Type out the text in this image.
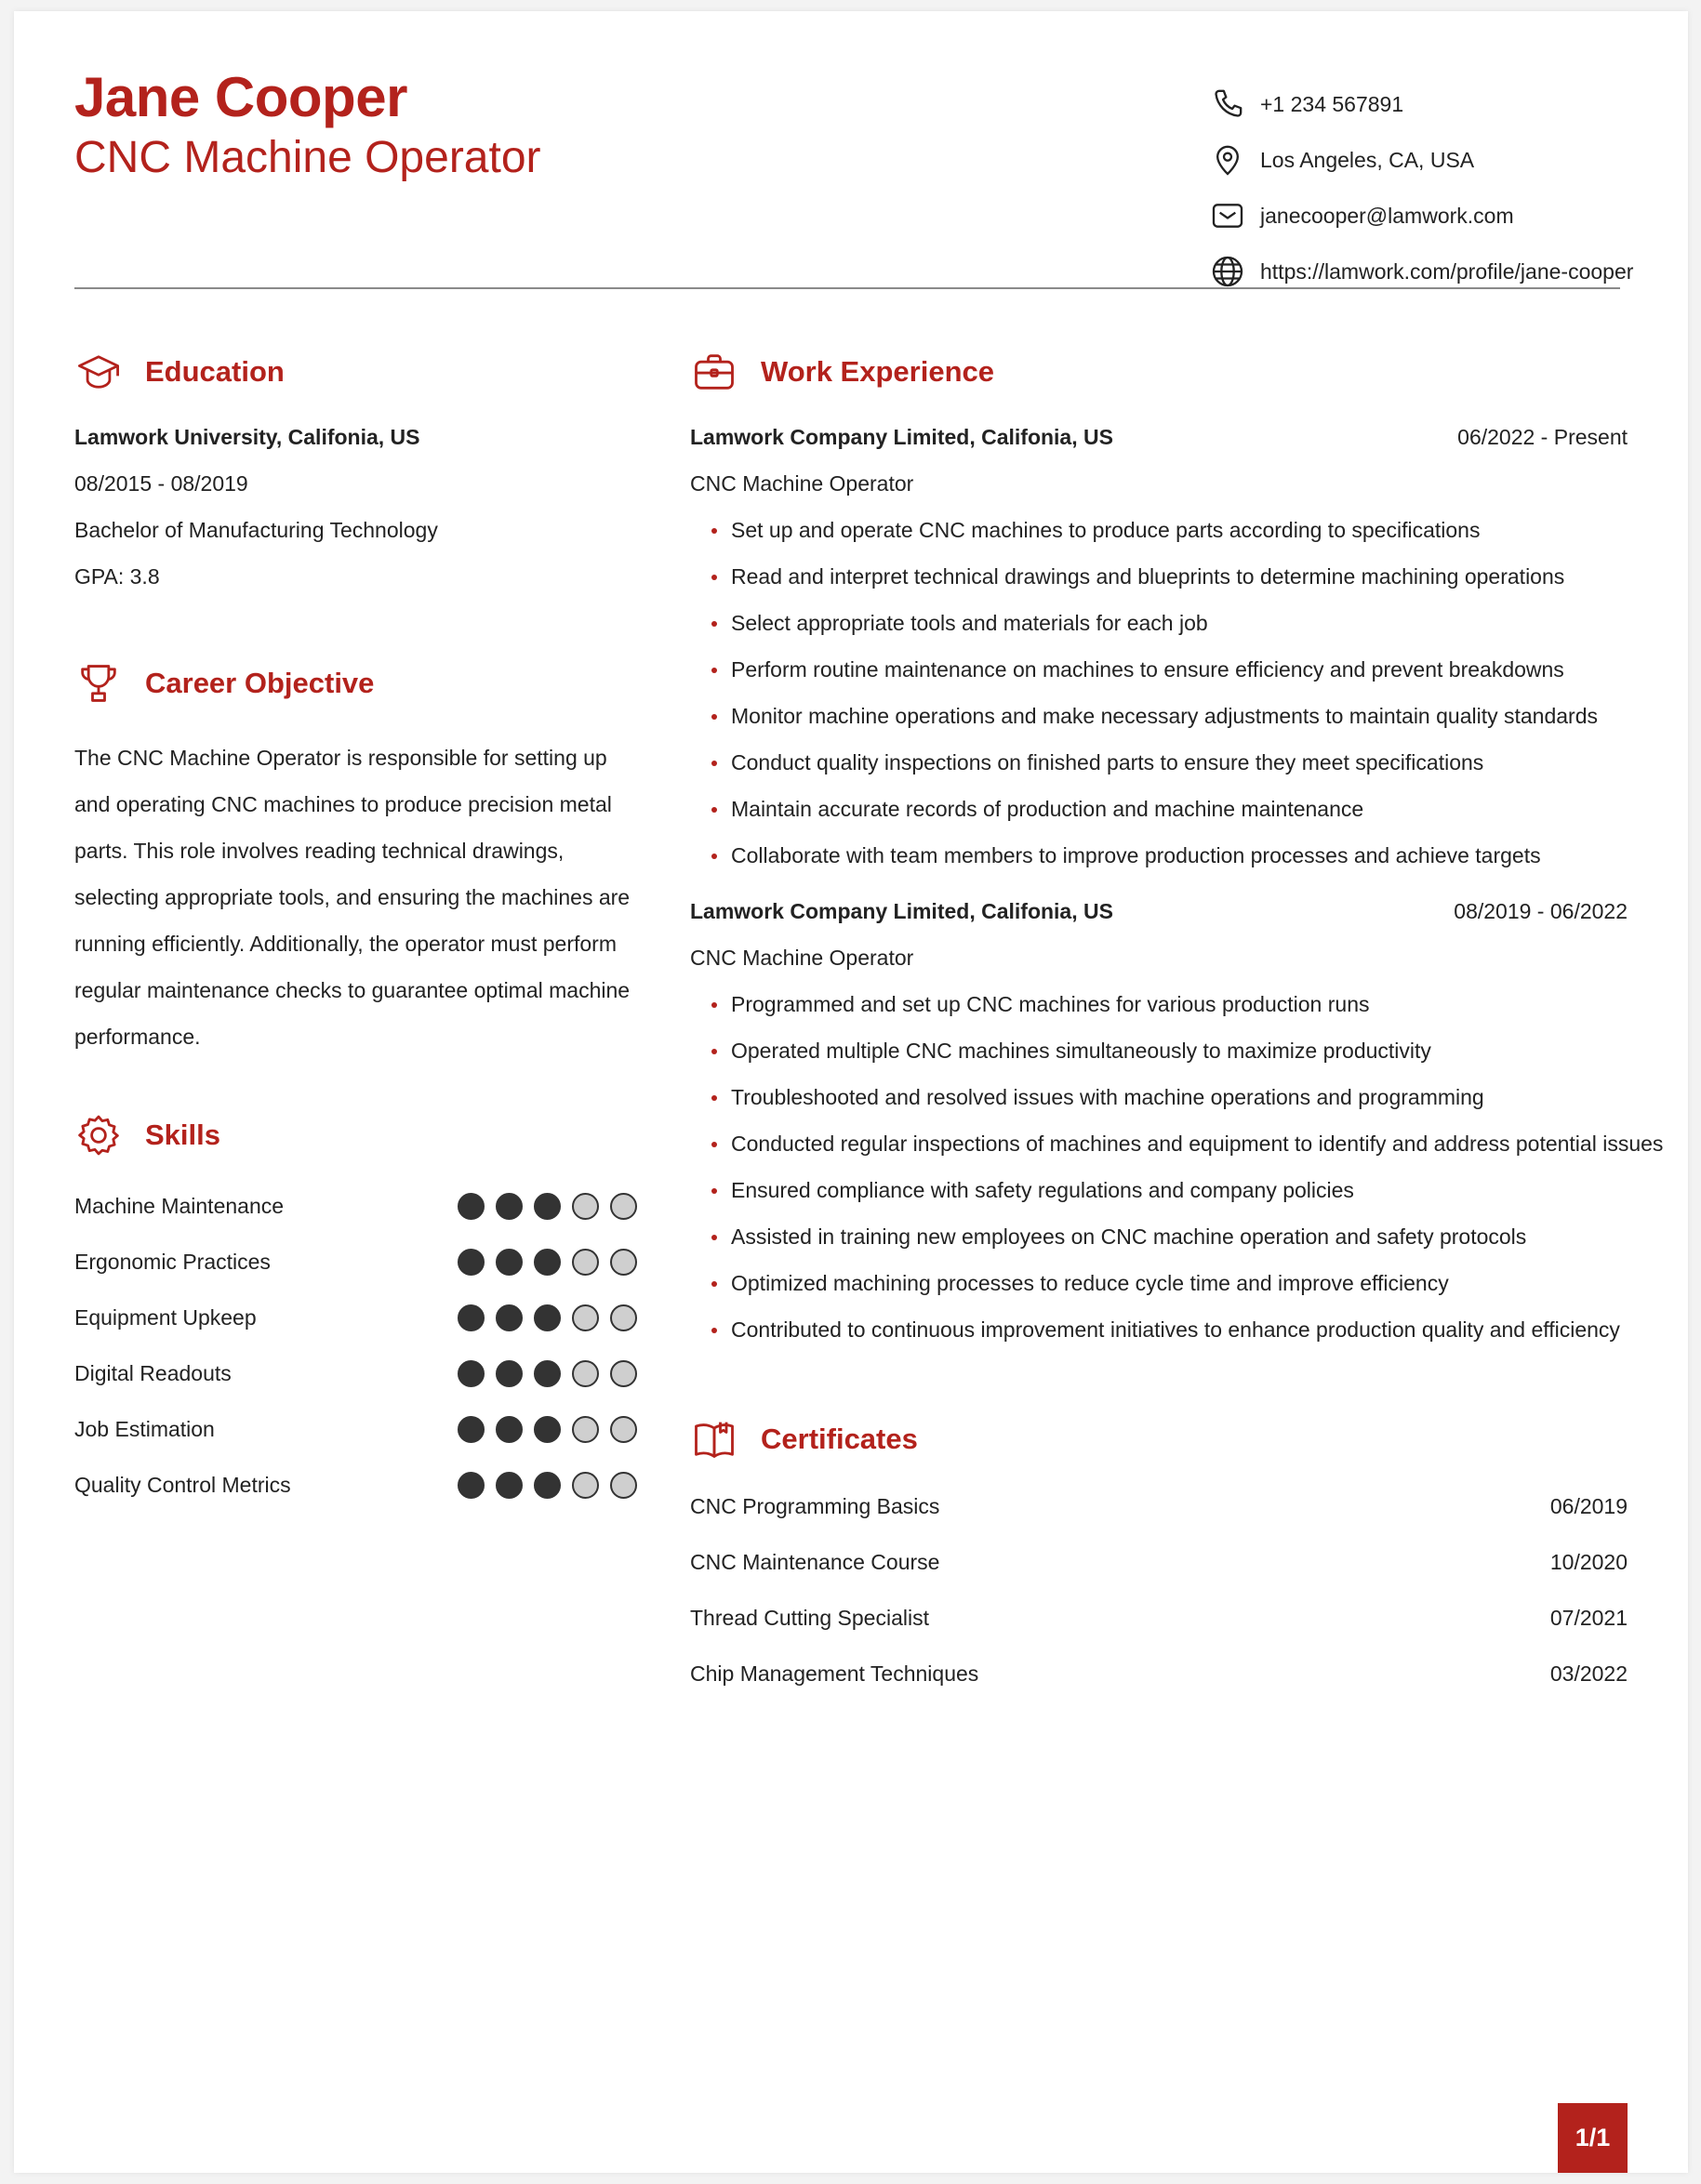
Jane Cooper
CNC Machine Operator
+1 234 567891
Los Angeles, CA, USA
janecooper@lamwork.com
https://lamwork.com/profile/jane-cooper
Education
Lamwork University, Califonia, US
08/2015 - 08/2019
Bachelor of Manufacturing Technology
GPA: 3.8
Career Objective
The CNC Machine Operator is responsible for setting up and operating CNC machines to produce precision metal parts. This role involves reading technical drawings, selecting appropriate tools, and ensuring the machines are running efficiently. Additionally, the operator must perform regular maintenance checks to guarantee optimal machine performance.
Skills
Machine Maintenance
Ergonomic Practices
Equipment Upkeep
Digital Readouts
Job Estimation
Quality Control Metrics
Work Experience
Lamwork Company Limited, Califonia, US	06/2022 - Present
CNC Machine Operator
Set up and operate CNC machines to produce parts according to specifications
Read and interpret technical drawings and blueprints to determine machining operations
Select appropriate tools and materials for each job
Perform routine maintenance on machines to ensure efficiency and prevent breakdowns
Monitor machine operations and make necessary adjustments to maintain quality standards
Conduct quality inspections on finished parts to ensure they meet specifications
Maintain accurate records of production and machine maintenance
Collaborate with team members to improve production processes and achieve targets
Lamwork Company Limited, Califonia, US	08/2019 - 06/2022
CNC Machine Operator
Programmed and set up CNC machines for various production runs
Operated multiple CNC machines simultaneously to maximize productivity
Troubleshooted and resolved issues with machine operations and programming
Conducted regular inspections of machines and equipment to identify and address potential issues
Ensured compliance with safety regulations and company policies
Assisted in training new employees on CNC machine operation and safety protocols
Optimized machining processes to reduce cycle time and improve efficiency
Contributed to continuous improvement initiatives to enhance production quality and efficiency
Certificates
CNC Programming Basics	06/2019
CNC Maintenance Course	10/2020
Thread Cutting Specialist	07/2021
Chip Management Techniques	03/2022
1/1
